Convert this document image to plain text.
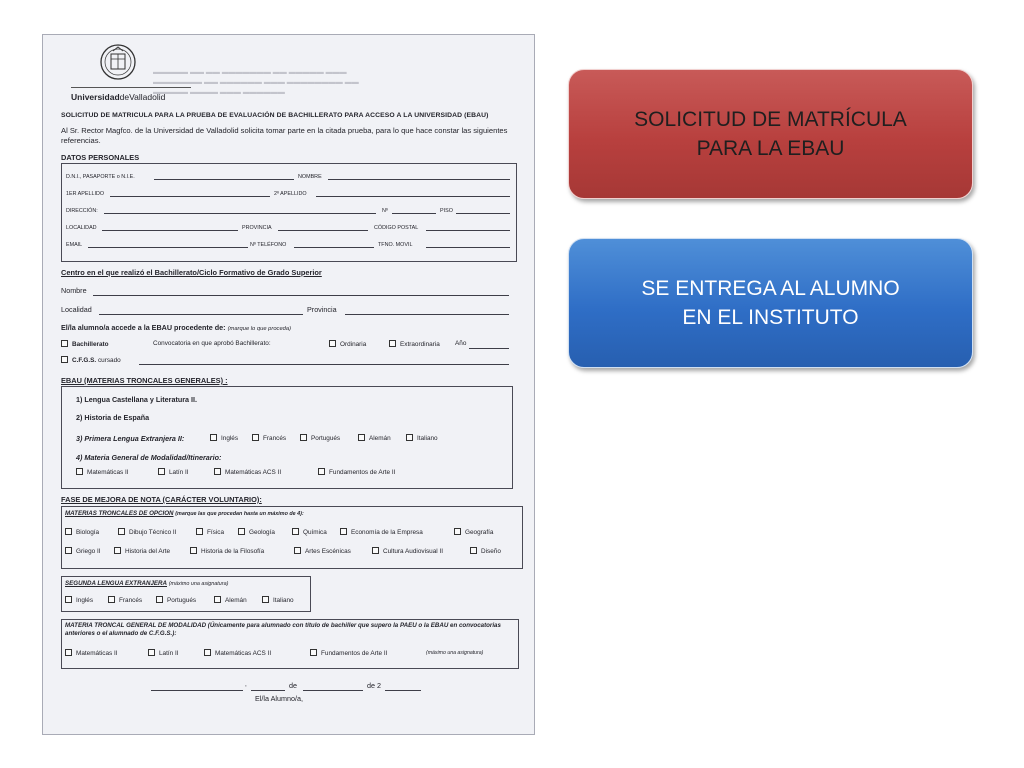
▬▬▬ ▬▬▬▬▬ ▬▬ ▬▬▬▬▬▬▬ ▬▬ ▬▬ ▬▬▬▬▬
▬▬ ▬▬▬▬▬▬▬▬ ▬▬▬ ▬▬▬▬▬▬ ▬▬ ▬▬▬▬▬▬▬
▬▬▬▬▬▬ ▬▬▬ ▬▬▬▬ ▬▬▬▬▬
UniversidaddeValladolid
SOLICITUD DE MATRICULA PARA LA PRUEBA DE EVALUACIÓN DE BACHILLERATO PARA ACCESO A LA UNIVERSIDAD (EBAU)
Al Sr. Rector Magfco. de la Universidad de Valladolid solicita tomar parte en la citada prueba, para lo que hace constar las siguientes referencias.
DATOS PERSONALES
D.N.I., PASAPORTE o N.I.E.	NOMBRE
1ER APELLIDO	2º APELLIDO
DIRECCIÓN:	Nº	PISO
LOCALIDAD	PROVINCIA	CÓDIGO POSTAL
EMAIL	Nº TELÉFONO	TFNO. MOVIL
Centro en el que realizó el Bachillerato/Ciclo Formativo de Grado Superior
Nombre
Localidad	Provincia
El/la alumno/a accede a la EBAU procedente de: (marque lo que proceda)
Bachillerato	Convocatoria en que aprobó Bachillerato:	Ordinaria	Extraordinaria Año
C.F.G.S. cursado
EBAU (MATERIAS TRONCALES GENERALES) :
1) Lengua Castellana y Literatura II.
2) Historia de España
3) Primera Lengua Extranjera II:	Inglés	Francés	Portugués	Alemán	Italiano
4) Materia General de Modalidad/Itinerario:
Matemáticas II	Latín II	Matemáticas ACS II	Fundamentos de Arte II
FASE DE MEJORA DE NOTA (CARÁCTER VOLUNTARIO):
MATERIAS TRONCALES DE OPCION (marque las que procedan hasta un máximo de 4):
Biología	Dibujo Técnico II	Física	Geología	Química	Economía de la Empresa	Geografía
Griego II	Historia del Arte	Historia de la Filosofía	Artes Escénicas	Cultura Audiovisual II	Diseño
SEGUNDA LENGUA EXTRANJERA (máximo una asignatura)
Inglés	Francés	Portugués	Alemán	Italiano
MATERIA TRONCAL GENERAL DE MODALIDAD (Únicamente para alumnado con título de bachiller que supero la PAEU o la EBAU en convocatorias anteriores o el alumnado de C.F.G.S.):
Matemáticas II	Latín II	Matemáticas ACS II	Fundamentos de Arte II	(máximo una asignatura)
,	de	de 2
El/la Alumno/a,
SOLICITUD DE MATRÍCULA
PARA LA EBAU
SE ENTREGA AL ALUMNO
EN EL INSTITUTO
